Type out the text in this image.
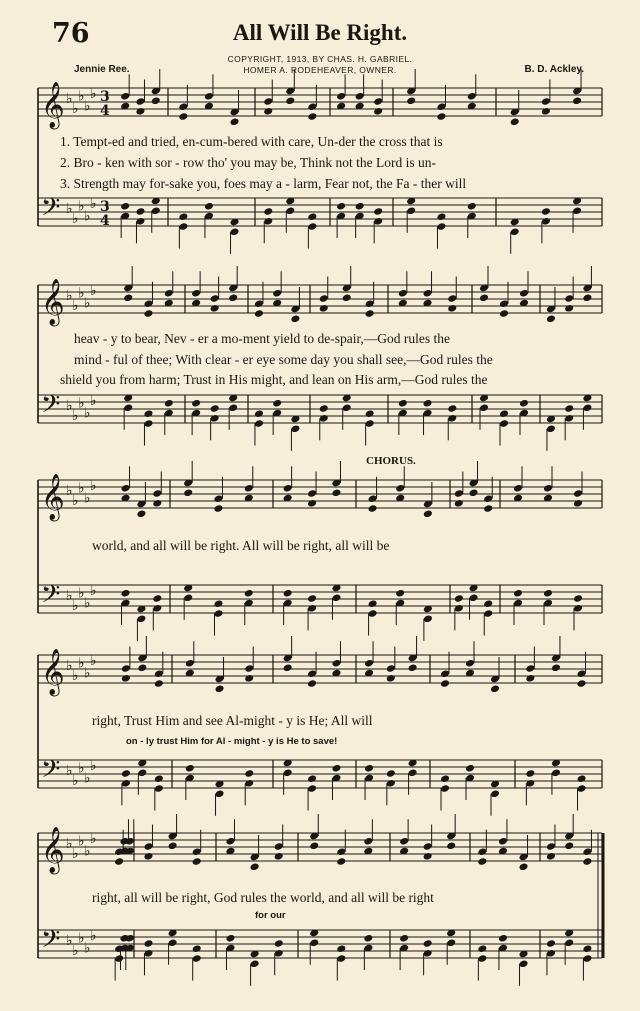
76	All Will Be Right.
COPYRIGHT, 1913, BY CHAS. H. GABRIEL.
HOMER A. RODEHEAVER, OWNER.
Jennie Ree.	B. D. Ackley.
𝄞 ♭
♭
♭
♭
♭
𝄢 ♭
♭
♭
♭
♭
𝄞 ♭
♭
♭
♭
♭
𝄢 ♭
♭
♭
♭
♭
𝄞 ♭
♭
♭
♭
♭
𝄢 ♭
♭
♭
♭
♭
𝄞 ♭
♭
♭
♭
♭
𝄢 ♭
♭
♭
♭
♭
𝄞 ♭
♭
♭
♭
♭
𝄢 ♭
♭
♭
♭
♭
3
4
3
4
1. Tempt-ed and tried, en-cum-bered with care, Un-der the cross that is
2. Bro - ken with sor - row tho' you may be, Think not the Lord is un-
3. Strength may for-sake you, foes may a - larm, Fear not, the Fa - ther will
heav - y to bear, Nev - er a mo-ment yield to de-spair,—God rules the
mind - ful of thee; With clear - er eye some day you shall see,—God rules the
shield you from harm; Trust in His might, and lean on His arm,—God rules the
CHORUS.
world, and all will be right. All will be right, all will be
right, Trust Him and see Al-might - y is He; All will
on - ly trust Him for Al - might - y is He to save!
right, all will be right, God rules the world, and all will be right
for our
